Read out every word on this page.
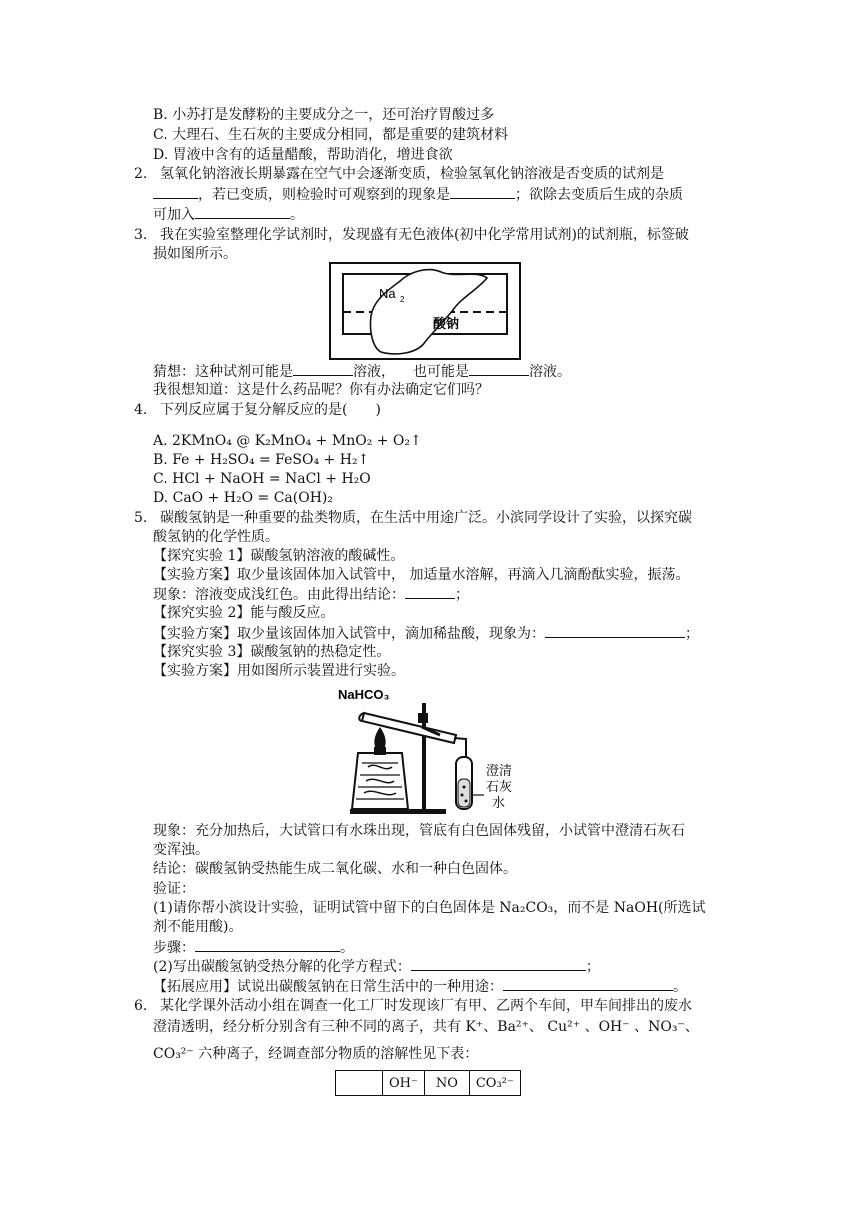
B. 小苏打是发酵粉的主要成分之一，还可治疗胃酸过多
C. 大理石、生石灰的主要成分相同，都是重要的建筑材料
D. 胃液中含有的适量醋酸，帮助消化，增进食欲
2. 氢氧化钠溶液长期暴露在空气中会逐渐变质，检验氢氧化钠溶液是否变质的试剂是
，若已变质，则检验时可观察到的现象是	；欲除去变质后生成的杂质
可加入	。
3. 我在实验室整理化学试剂时，发现盛有无色液体(初中化学常用试剂)的试剂瓶，标签破
损如图所示。
Na 2
酸钠
猜想：这种试剂可能是	溶液， 也可能是	溶液。
我很想知道：这是什么药品呢？你有办法确定它们吗？
4. 下列反应属于复分解反应的是(　　)
A. 2KMnO₄ @ K₂MnO₄ + MnO₂ + O₂↑
B. Fe + H₂SO₄ = FeSO₄ + H₂↑
C. HCl + NaOH = NaCl + H₂O
D. CaO + H₂O = Ca(OH)₂
5. 碳酸氢钠是一种重要的盐类物质，在生活中用途广泛。小滨同学设计了实验，以探究碳
酸氢钠的化学性质。
【探究实验 1】碳酸氢钠溶液的酸碱性。
【实验方案】取少量该固体加入试管中， 加适量水溶解，再滴入几滴酚酞实验，振荡。
现象：溶液变成浅红色。由此得出结论：	；
【探究实验 2】能与酸反应。
【实验方案】取少量该固体加入试管中，滴加稀盐酸，现象为：	；
【探究实验 3】碳酸氢钠的热稳定性。
【实验方案】用如图所示装置进行实验。
NaHCO₃
澄清
石灰
水
现象：充分加热后，大试管口有水珠出现，管底有白色固体残留，小试管中澄清石灰石
变浑浊。
结论：碳酸氢钠受热能生成二氧化碳、水和一种白色固体。
验证：
(1)请你帮小滨设计实验，证明试管中留下的白色固体是 Na₂CO₃，而不是 NaOH(所选试
剂不能用酸)。
步骤：	。
(2)写出碳酸氢钠受热分解的化学方程式：	；
【拓展应用】试说出碳酸氢钠在日常生活中的一种用途：	。
6. 某化学课外活动小组在调查一化工厂时发现该厂有甲、乙两个车间，甲车间排出的废水
澄清透明，经分析分别含有三种不同的离子，共有 K⁺、Ba²⁺、 Cu²⁺ 、OH⁻ 、NO₃⁻、
CO₃²⁻ 六种离子，经调查部分物质的溶解性见下表：
	OH⁻	NO	CO₃²⁻
